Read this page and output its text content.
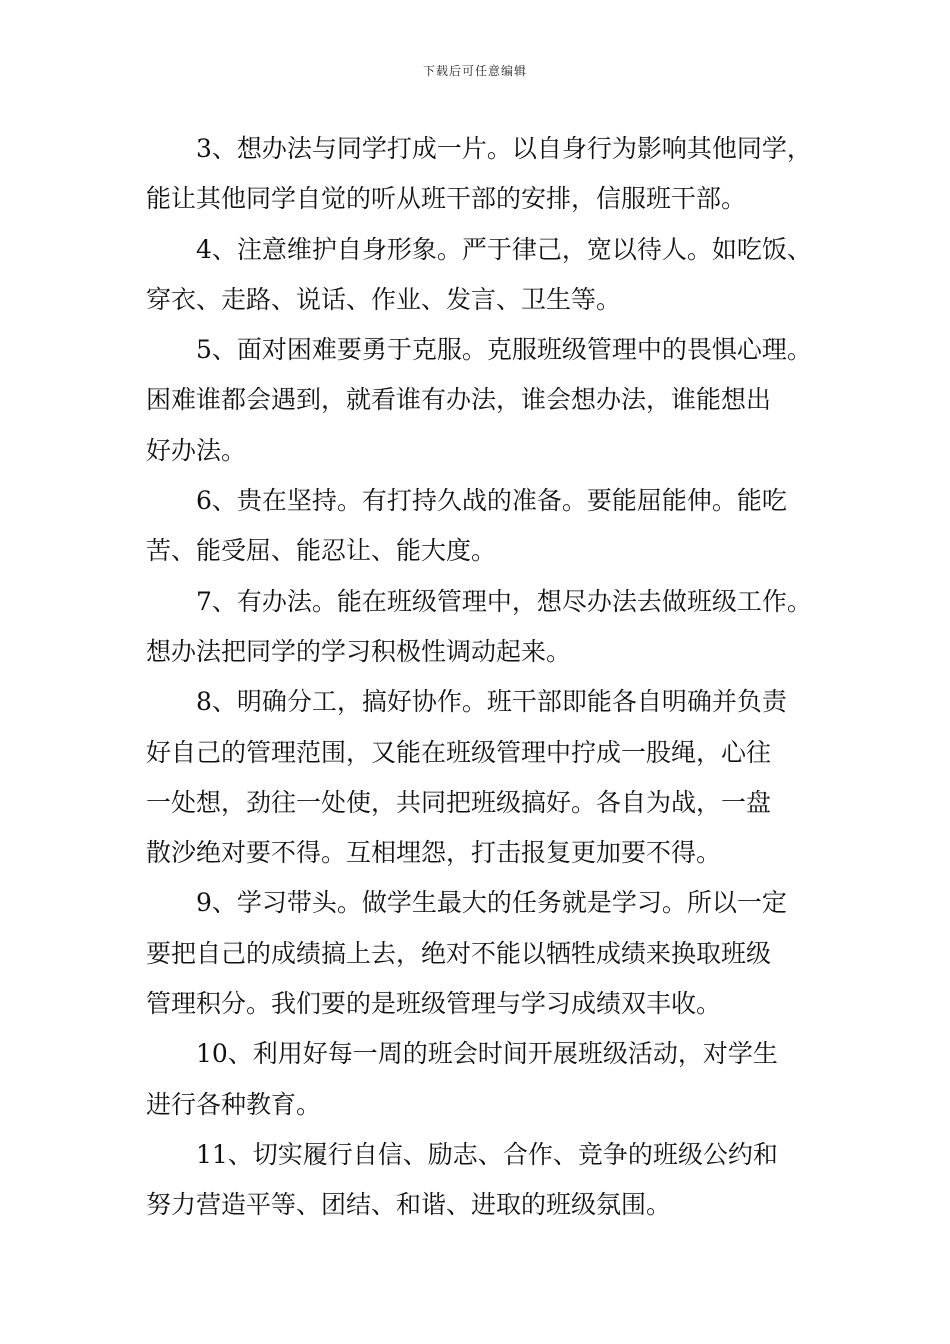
下载后可任意编辑
3、想办法与同学打成一片。以自身行为影响其他同学，
能让其他同学自觉的听从班干部的安排，信服班干部。
4、注意维护自身形象。严于律己，宽以待人。如吃饭、
穿衣、走路、说话、作业、发言、卫生等。
5、面对困难要勇于克服。克服班级管理中的畏惧心理。
困难谁都会遇到，就看谁有办法，谁会想办法，谁能想出
好办法。
6、贵在坚持。有打持久战的准备。要能屈能伸。能吃
苦、能受屈、能忍让、能大度。
7、有办法。能在班级管理中，想尽办法去做班级工作。
想办法把同学的学习积极性调动起来。
8、明确分工，搞好协作。班干部即能各自明确并负责
好自己的管理范围，又能在班级管理中拧成一股绳，心往
一处想，劲往一处使，共同把班级搞好。各自为战，一盘
散沙绝对要不得。互相埋怨，打击报复更加要不得。
9、学习带头。做学生最大的任务就是学习。所以一定
要把自己的成绩搞上去，绝对不能以牺牲成绩来换取班级
管理积分。我们要的是班级管理与学习成绩双丰收。
10、利用好每一周的班会时间开展班级活动，对学生
进行各种教育。
11、切实履行自信、励志、合作、竞争的班级公约和
努力营造平等、团结、和谐、进取的班级氛围。
